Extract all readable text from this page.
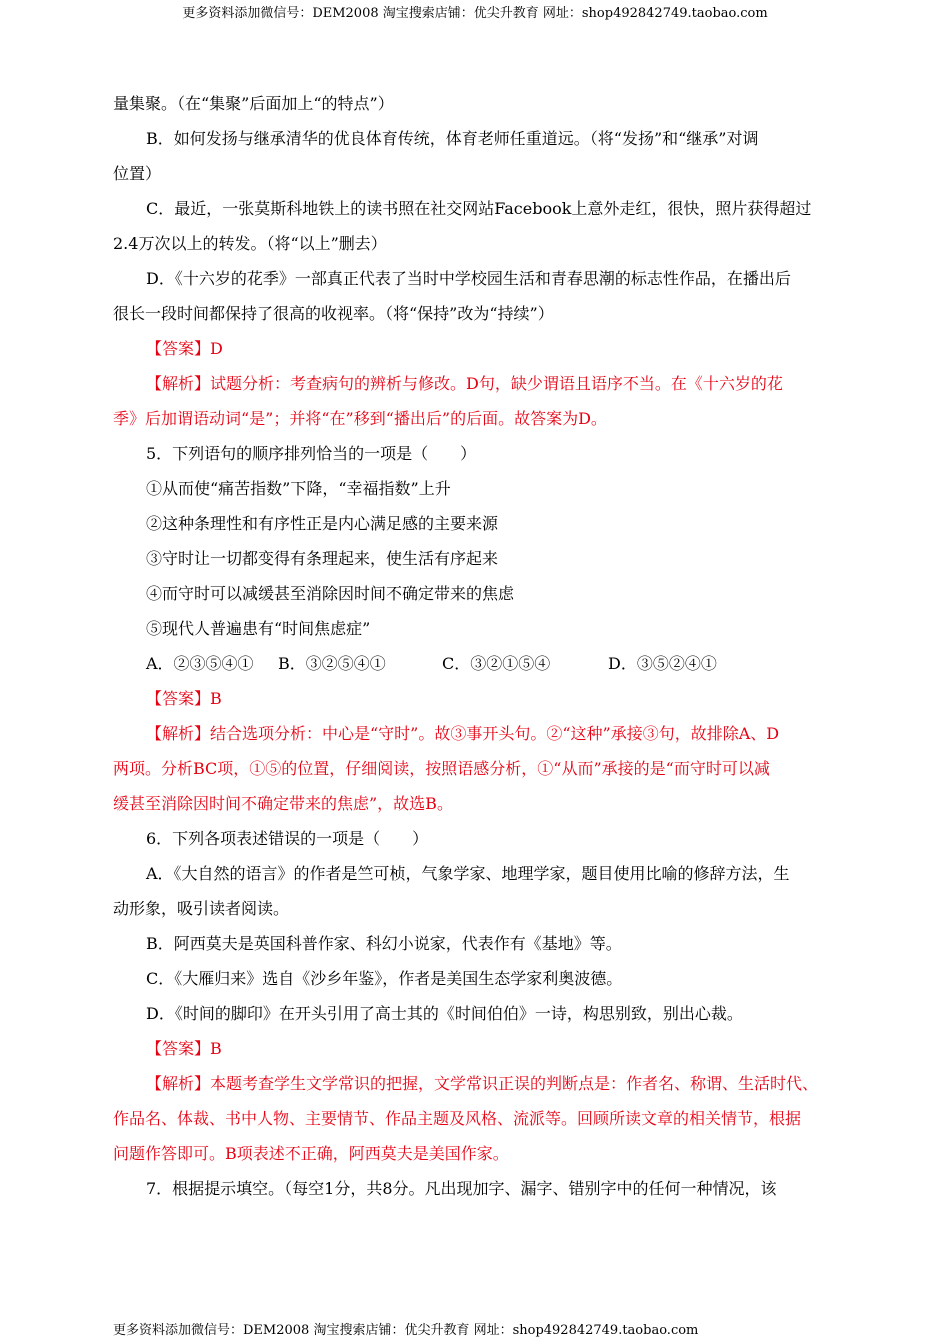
更多资料添加微信号：DEM2008 淘宝搜索店铺：优尖升教育 网址：shop492842749.taobao.com

量集聚。（在“集聚”后面加上“的特点”）

B．如何发扬与继承清华的优良体育传统，体育老师任重道远。（将“发扬”和“继承”对调

位置）

C．最近，一张莫斯科地铁上的读书照在社交网站Facebook上意外走红，很快，照片获得超过

2.4万次以上的转发。（将“以上”删去）

D．《十六岁的花季》一部真正代表了当时中学校园生活和青春思潮的标志性作品，在播出后

很长一段时间都保持了很高的收视率。（将“保持”改为“持续”）

【答案】D

【解析】试题分析：考查病句的辨析与修改。D句，缺少谓语且语序不当。在《十六岁的花

季》后加谓语动词“是”；并将“在”移到“播出后”的后面。故答案为D。

5．下列语句的顺序排列恰当的一项是（　　）

①从而使“痛苦指数”下降，“幸福指数”上升

②这种条理性和有序性正是内心满足感的主要来源

③守时让一切都变得有条理起来，使生活有序起来

④而守时可以减缓甚至消除因时间不确定带来的焦虑

⑤现代人普遍患有“时间焦虑症”

A．②③⑤④① B．③②⑤④①	C．③②①⑤④	D．③⑤②④①

【答案】B

【解析】结合选项分析：中心是“守时”。故③事开头句。②“这种”承接③句，故排除A、D

两项。分析BC项，①⑤的位置，仔细阅读，按照语感分析，①“从而”承接的是“而守时可以减

缓甚至消除因时间不确定带来的焦虑”，故选B。

6．下列各项表述错误的一项是（　　）

A．《大自然的语言》的作者是竺可桢，气象学家、地理学家，题目使用比喻的修辞方法，生

动形象，吸引读者阅读。

B．阿西莫夫是英国科普作家、科幻小说家，代表作有《基地》等。

C．《大雁归来》选自《沙乡年鉴》，作者是美国生态学家利奥波德。

D．《时间的脚印》在开头引用了高士其的《时间伯伯》一诗，构思别致，别出心裁。

【答案】B

【解析】本题考查学生文学常识的把握，文学常识正误的判断点是：作者名、称谓、生活时代、

作品名、体裁、书中人物、主要情节、作品主题及风格、流派等。回顾所读文章的相关情节，根据

问题作答即可。B项表述不正确，阿西莫夫是美国作家。

7．根据提示填空。（每空1分，共8分。凡出现加字、漏字、错别字中的任何一种情况，该

更多资料添加微信号：DEM2008 淘宝搜索店铺：优尖升教育 网址：shop492842749.taobao.com
